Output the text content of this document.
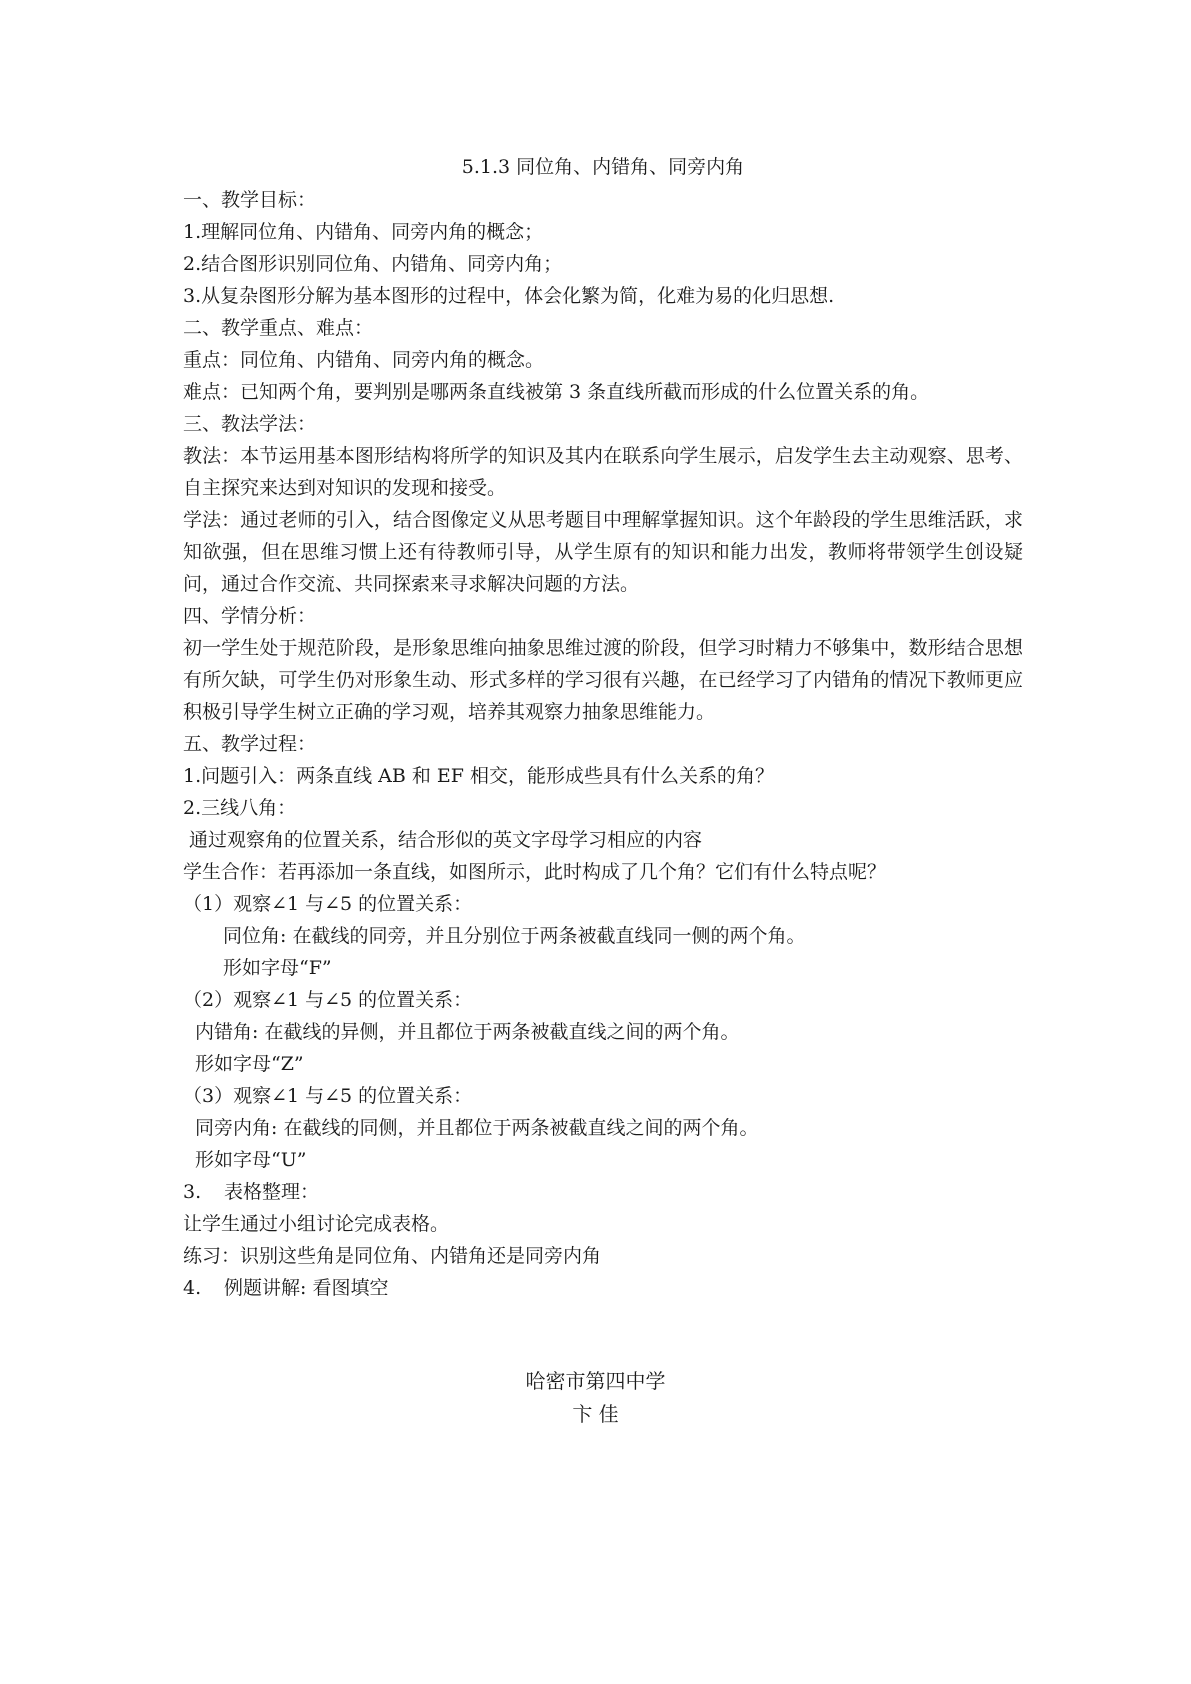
5.1.3 同位角、内错角、同旁内角

一、教学目标：

1.理解同位角、内错角、同旁内角的概念；

2.结合图形识别同位角、内错角、同旁内角；

3.从复杂图形分解为基本图形的过程中，体会化繁为简，化难为易的化归思想.

二、教学重点、难点：

重点：同位角、内错角、同旁内角的概念。

难点：已知两个角，要判别是哪两条直线被第 3 条直线所截而形成的什么位置关系的角。

三、教法学法：

教法：本节运用基本图形结构将所学的知识及其内在联系向学生展示，启发学生去主动观察、思考、自主探究来达到对知识的发现和接受。

学法：通过老师的引入，结合图像定义从思考题目中理解掌握知识。这个年龄段的学生思维活跃，求知欲强，但在思维习惯上还有待教师引导，从学生原有的知识和能力出发，教师将带领学生创设疑问，通过合作交流、共同探索来寻求解决问题的方法。

四、学情分析：

初一学生处于规范阶段，是形象思维向抽象思维过渡的阶段，但学习时精力不够集中，数形结合思想有所欠缺，可学生仍对形象生动、形式多样的学习很有兴趣，在已经学习了内错角的情况下教师更应积极引导学生树立正确的学习观，培养其观察力抽象思维能力。

五、教学过程：

1.问题引入：两条直线 AB 和 EF 相交，能形成些具有什么关系的角？

2.三线八角：

通过观察角的位置关系，结合形似的英文字母学习相应的内容

学生合作：若再添加一条直线，如图所示，此时构成了几个角？它们有什么特点呢？

（1）观察∠1 与∠5 的位置关系：

同位角: 在截线的同旁，并且分别位于两条被截直线同一侧的两个角。

形如字母“F”

（2）观察∠1 与∠5 的位置关系：

内错角: 在截线的异侧，并且都位于两条被截直线之间的两个角。

形如字母“Z”

（3）观察∠1 与∠5 的位置关系：

同旁内角: 在截线的同侧，并且都位于两条被截直线之间的两个角。

形如字母“U”

3. 表格整理：

让学生通过小组讨论完成表格。

练习：识别这些角是同位角、内错角还是同旁内角

4. 例题讲解: 看图填空

哈密市第四中学
卞 佳
